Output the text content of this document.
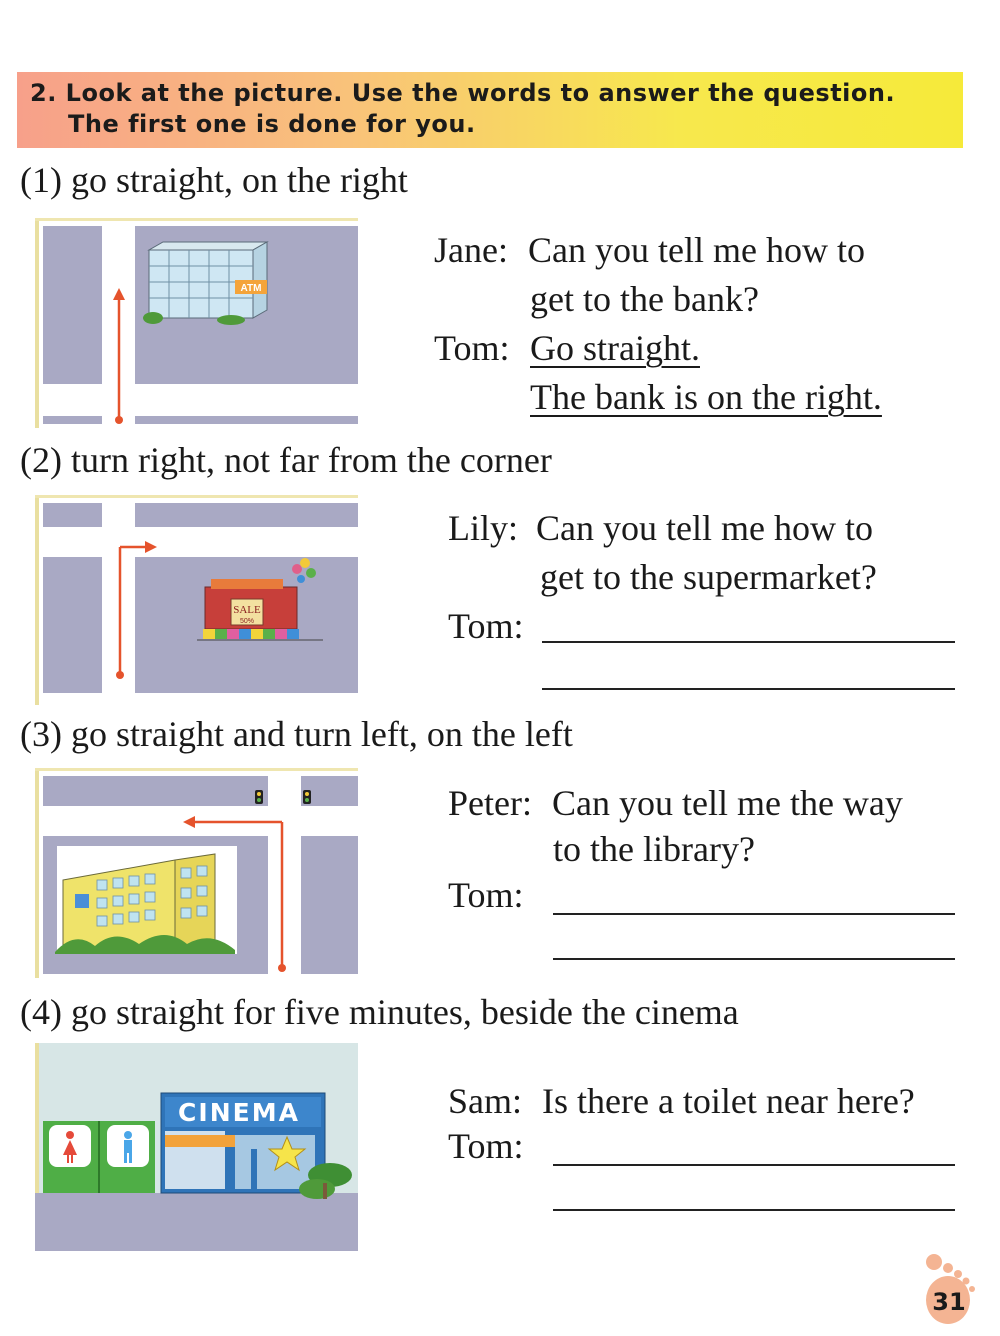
2. Look at the picture. Use the words to answer the question.
The first one is done for you.
(1) go straight, on the right
ATM
Jane: Can you tell me how to
get to the bank?
Tom: Go straight.
The bank is on the right.
(2) turn right, not far from the corner
SALE
50%
Lily: Can you tell me how to
get to the supermarket?
Tom:
(3) go straight and turn left, on the left
Peter: Can you tell me the way
to the library?
Tom:
(4) go straight for five minutes, beside the cinema
CINEMA	Sam: Is there a toilet near here?
Tom:
31
